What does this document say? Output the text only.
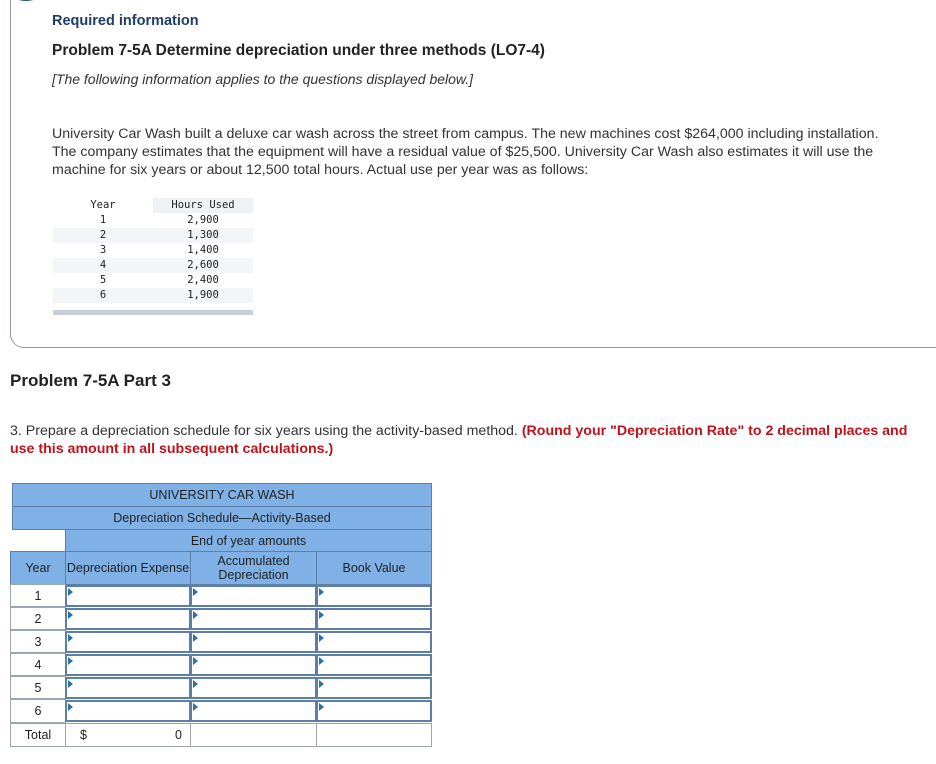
Required information
Problem 7-5A Determine depreciation under three methods (LO7-4)
[The following information applies to the questions displayed below.]
University Car Wash built a deluxe car wash across the street from campus. The new machines cost $264,000 including installation. The company estimates that the equipment will have a residual value of $25,500. University Car Wash also estimates it will use the machine for six years or about 12,500 total hours. Actual use per year was as follows:
Year	Hours Used
1	2,900
2	1,300
3	1,400
4	2,600
5	2,400
6	1,900
Problem 7-5A Part 3
3. Prepare a depreciation schedule for six years using the activity-based method. (Round your "Depreciation Rate" to 2 decimal places and use this amount in all subsequent calculations.)
UNIVERSITY CAR WASH
Depreciation Schedule—Activity-Based
End of year amounts
Year Depreciation Expense	Accumulated Depreciation	Book Value
1
2
3
4
5
6
Total	$	0
